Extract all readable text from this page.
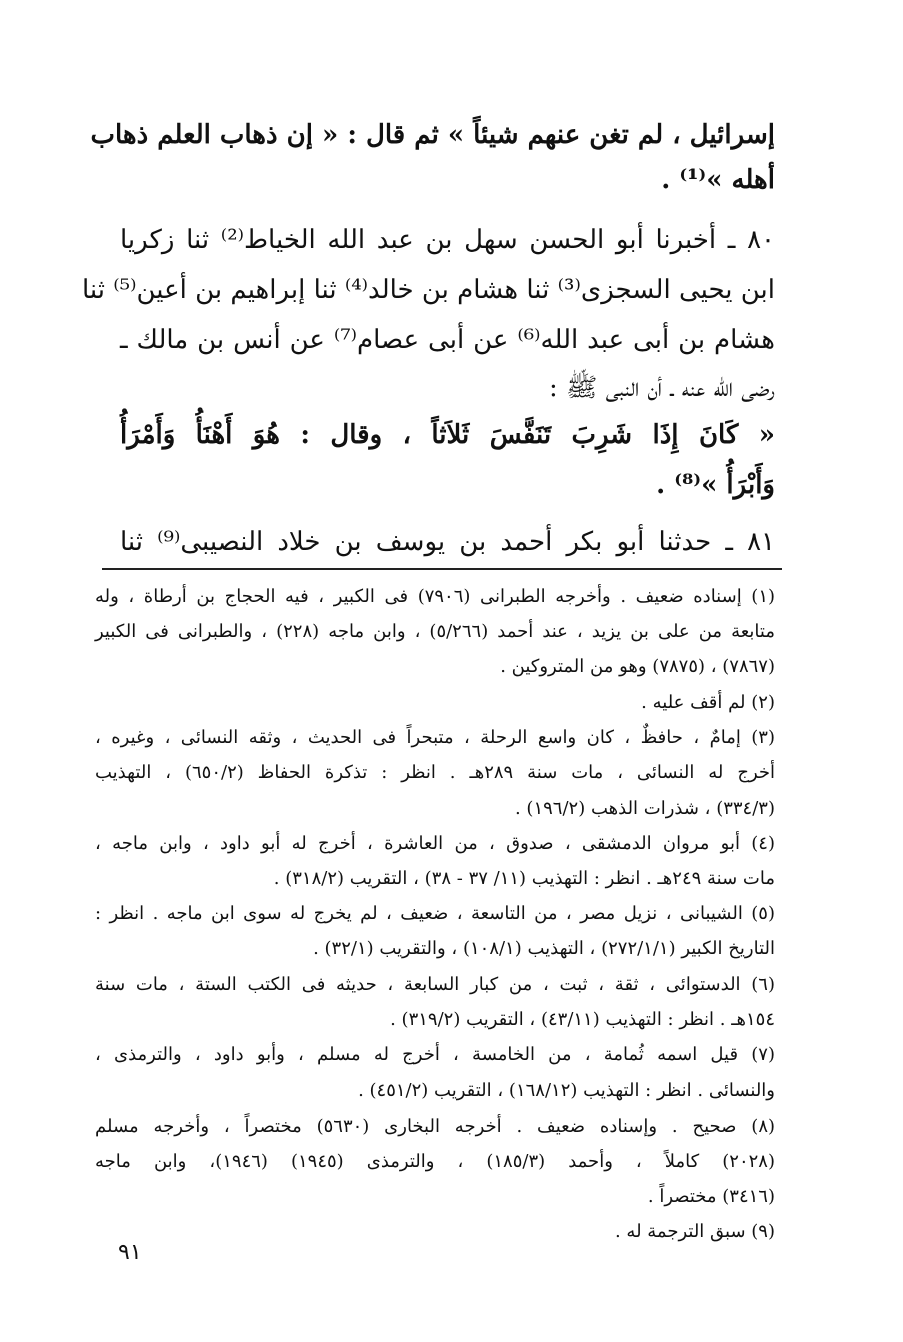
إسرائيل ، لم تغن عنهم شيئاً » ثم قال : « إن ذهاب العلم ذهاب
أهله »⁽¹⁾ .
٨٠ ـ أخبرنا أبو الحسن سهل بن عبد الله الخياط⁽²⁾ ثنا زكريا
ابن يحيى السجزى⁽³⁾ ثنا هشام بن خالد⁽⁴⁾ ثنا إبراهيم بن أعين⁽⁵⁾ ثنا
هشام بن أبى عبد الله⁽⁶⁾ عن أبى عصام⁽⁷⁾ عن أنس بن مالك ـ
رضى الله عنه ـ أن النبى ﷺ :
« كَانَ إِذَا شَرِبَ تَنَفَّسَ ثَلاَثاً ، وقال : هُوَ أَهْنَأُ وَأَمْرَأُ
وَأَبْرَأُ »⁽⁸⁾ .
٨١ ـ حدثنا أبو بكر أحمد بن يوسف بن خلاد النصيبى⁽⁹⁾ ثنا
(١) إسناده ضعيف . وأخرجه الطبرانى (٧٩٠٦) فى الكبير ، فيه الحجاج بن أرطاة ، وله
متابعة من على بن يزيد ، عند أحمد (٥/٢٦٦) ، وابن ماجه (٢٢٨) ، والطبرانى فى الكبير
(٧٨٦٧) ، (٧٨٧٥) وهو من المتروكين .
(٢) لم أقف عليه .
(٣) إمامٌ ، حافظٌ ، كان واسع الرحلة ، متبحراً فى الحديث ، وثقه النسائى ، وغيره ،
أخرج له النسائى ، مات سنة ٢٨٩هـ . انظر : تذكرة الحفاظ (٦٥٠/٢) ، التهذيب
(٣٣٤/٣) ، شذرات الذهب (١٩٦/٢) .
(٤) أبو مروان الدمشقى ، صدوق ، من العاشرة ، أخرج له أبو داود ، وابن ماجه ،
مات سنة ٢٤٩هـ . انظر : التهذيب (١١/ ٣٧ - ٣٨) ، التقريب (٣١٨/٢) .
(٥) الشيبانى ، نزيل مصر ، من التاسعة ، ضعيف ، لم يخرج له سوى ابن ماجه . انظر :
التاريخ الكبير (٢٧٢/١/١) ، التهذيب (١٠٨/١) ، والتقريب (٣٢/١) .
(٦) الدستوائى ، ثقة ، ثبت ، من كبار السابعة ، حديثه فى الكتب الستة ، مات سنة
١٥٤هـ . انظر : التهذيب (٤٣/١١) ، التقريب (٣١٩/٢) .
(٧) قيل اسمه ثُمامة ، من الخامسة ، أخرج له مسلم ، وأبو داود ، والترمذى ،
والنسائى . انظر : التهذيب (١٦٨/١٢) ، التقريب (٤٥١/٢) .
(٨) صحيح . وإسناده ضعيف . أخرجه البخارى (٥٦٣٠) مختصراً ، وأخرجه مسلم
(٢٠٢٨) كاملاً ، وأحمد (١٨٥/٣) ، والترمذى (١٩٤٥) (١٩٤٦)، وابن ماجه
(٣٤١٦) مختصراً .
(٩) سبق الترجمة له .
٩١
